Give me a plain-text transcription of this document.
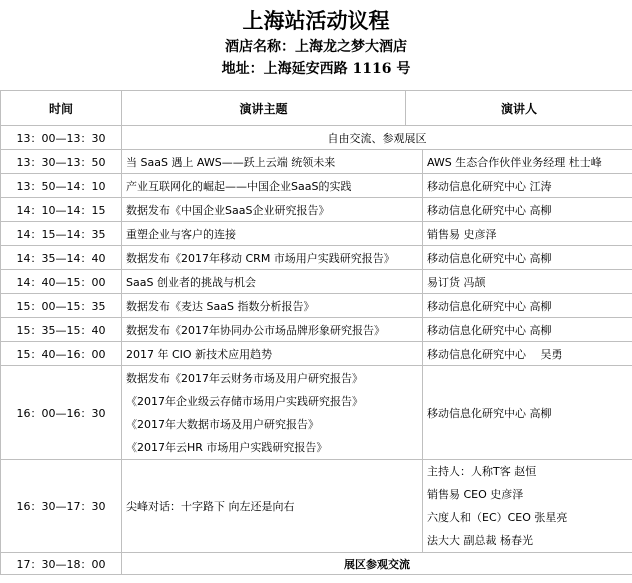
上海站活动议程
酒店名称：上海龙之梦大酒店
地址：上海延安西路 1116 号
时间	演讲主题	演讲人	
13：00—13：30	自由交流、参观展区		
13：30—13：50	当 SaaS 遇上 AWS——跃上云端 统领未来		AWS 生态合作伙伴业务经理 杜士峰
13：50—14：10	产业互联网化的崛起——中国企业SaaS的实践		移动信息化研究中心 江涛
14：10—14：15	数据发布《中国企业SaaS企业研究报告》		移动信息化研究中心 高柳
14：15—14：35	重塑企业与客户的连接		销售易 史彦泽
14：35—14：40	数据发布《2017年移动 CRM 市场用户实践研究报告》		移动信息化研究中心 高柳
14：40—15：00	SaaS 创业者的挑战与机会		易订货 冯颉
15：00—15：35	数据发布《麦达 SaaS 指数分析报告》		移动信息化研究中心 高柳
15：35—15：40	数据发布《2017年协同办公市场品牌形象研究报告》		移动信息化研究中心 高柳
15：40—16：00	2017 年 CIO 新技术应用趋势		移动信息化研究中心　 吴勇
16：00—16：30	数据发布《2017年云财务市场及用户研究报告》
《2017年企业级云存储市场用户实践研究报告》
《2017年大数据市场及用户研究报告》
《2017年云HR 市场用户实践研究报告》		移动信息化研究中心 高柳
16：30—17：30	尖峰对话：十字路下 向左还是向右		主持人：人称T客 赵恒
销售易 CEO 史彦泽
六度人和（EC）CEO 张星亮
法大大 副总裁 杨春光

17：30—18：00	展区参观交流		
